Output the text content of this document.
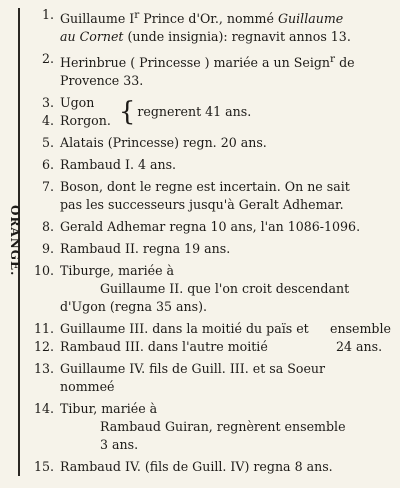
ORANGE.
1. Guillaume $I^r$ Prince d'Or., nommé Guillaume
au Cornet (unde insignia): regnavit annos 13.
2. Herinbrue ( Princesse ) mariée a un Seign$^r$ de
Provence 33.
3. Ugon
4. Rorgon. { regnerent 41 ans.
5. Alatais (Princesse) regn. 20 ans.
6. Rambaud I. 4 ans.
7. Boson, dont le regne est incertain. On ne sait
pas les successeurs jusqu'à Geralt Adhemar.
8. Gerald Adhemar regna 10 ans, l'an 1086-1096.
9. Rambaud II. regna 19 ans.
10. Tiburge, mariée à
Guillaume II. que l'on croit descendant
d'Ugon (regna 35 ans).
11. Guillaume III. dans la moitié du païs et	ensemble
12. Rambaud III. dans l'autre moitié	24 ans.
13. Guillaume IV. fils de Guill. III. et sa Soeur
nommeé
14. Tibur, mariée à
Rambaud Guiran, regnèrent ensemble
3 ans.
15. Rambaud IV. (fils de Guill. IV) regna 8 ans.
